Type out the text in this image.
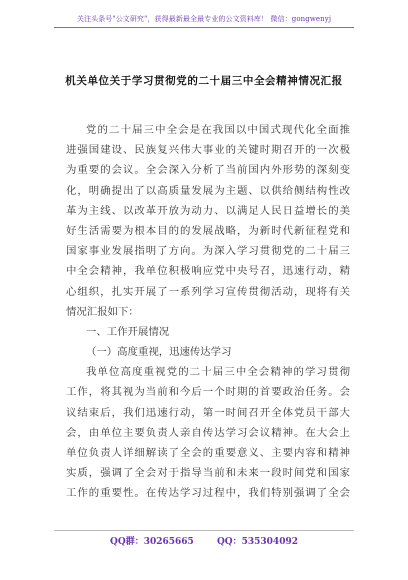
关注头条号"公文研究"，获得最新最全最专业的公文资料库！ 微信：gongwenyj
机关单位关于学习贯彻党的二十届三中全会精神情况汇报
党的二十届三中全会是在我国以中国式现代化全面推
进强国建设、民族复兴伟大事业的关键时期召开的一次极
为重要的会议。全会深入分析了当前国内外形势的深刻变
化，明确提出了以高质量发展为主题、以供给侧结构性改
革为主线、以改革开放为动力、以满足人民日益增长的美
好生活需要为根本目的的发展战略，为新时代新征程党和
国家事业发展指明了方向。为深入学习贯彻党的二十届三
中全会精神，我单位积极响应党中央号召，迅速行动，精
心组织，扎实开展了一系列学习宣传贯彻活动，现将有关
情况汇报如下：
一、工作开展情况
（一）高度重视，迅速传达学习
我单位高度重视党的二十届三中全会精神的学习贯彻
工作，将其视为当前和今后一个时期的首要政治任务。会
议结束后，我们迅速行动，第一时间召开全体党员干部大
会，由单位主要负责人亲自传达学习会议精神。在大会上
单位负责人详细解读了全会的重要意义、主要内容和精神
实质，强调了全会对于指导当前和未来一段时间党和国家
工作的重要性。在传达学习过程中，我们特别强调了全会
QQ群：30265665	QQ：535304092
